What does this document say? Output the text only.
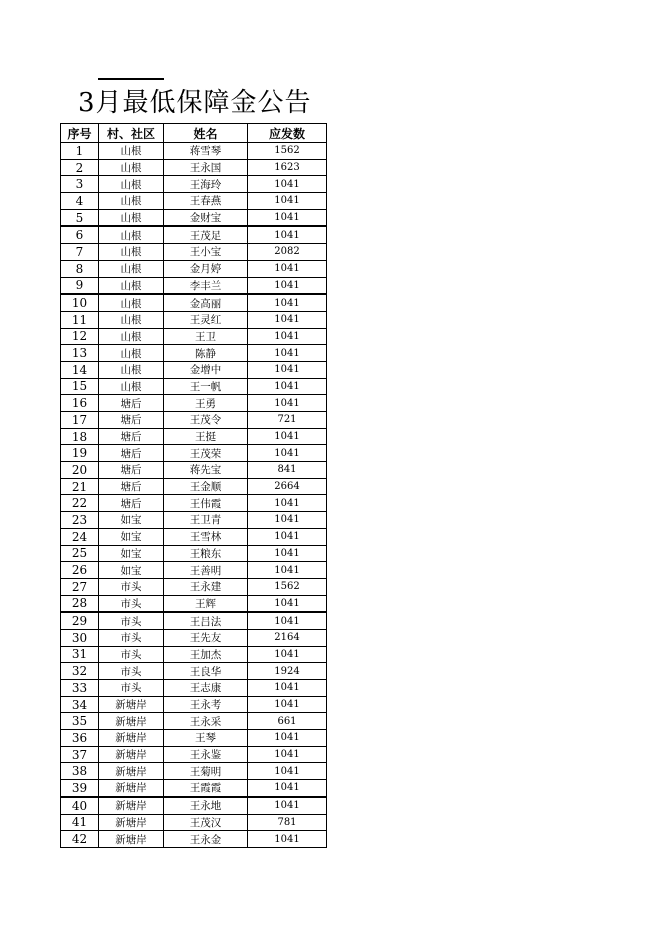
3月最低保障金公告
序号	村、社区	姓名	应发数
1	山根	蒋雪琴	1562
2	山根	王永国	1623
3	山根	王海玲	1041
4	山根	王春燕	1041
5	山根	金财宝	1041
6	山根	王茂足	1041
7	山根	王小宝	2082
8	山根	金月婷	1041
9	山根	李丰兰	1041
10	山根	金高丽	1041
11	山根	王灵红	1041
12	山根	王卫	1041
13	山根	陈静	1041
14	山根	金增中	1041
15	山根	王一帆	1041
16	塘后	王勇	1041
17	塘后	王茂令	721
18	塘后	王挺	1041
19	塘后	王茂荣	1041
20	塘后	蒋先宝	841
21	塘后	王金顺	2664
22	塘后	王伟霞	1041
23	如宝	王卫青	1041
24	如宝	王雪林	1041
25	如宝	王粮东	1041
26	如宝	王善明	1041
27	市头	王永建	1562
28	市头	王辉	1041
29	市头	王吕法	1041
30	市头	王先友	2164
31	市头	王加杰	1041
32	市头	王良华	1924
33	市头	王志康	1041
34	新塘岸	王永考	1041
35	新塘岸	王永采	661
36	新塘岸	王琴	1041
37	新塘岸	王永鉴	1041
38	新塘岸	王菊明	1041
39	新塘岸	王霞霞	1041
40	新塘岸	王永地	1041
41	新塘岸	王茂汉	781
42	新塘岸	王永金	1041
